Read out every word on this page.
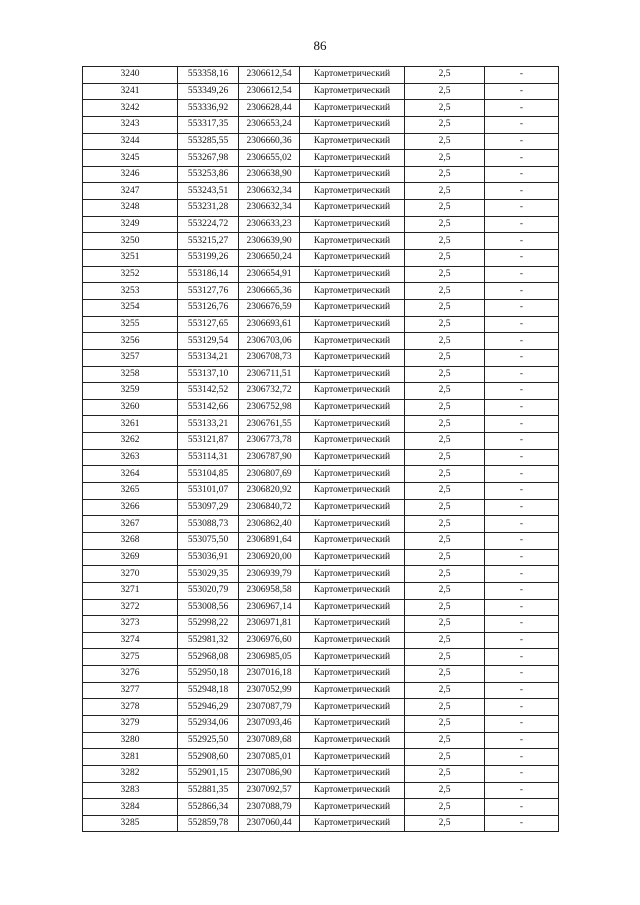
86
3240	553358,16	2306612,54	Картометрический	2,5	-
3241	553349,26	2306612,54	Картометрический	2,5	-
3242	553336,92	2306628,44	Картометрический	2,5	-
3243	553317,35	2306653,24	Картометрический	2,5	-
3244	553285,55	2306660,36	Картометрический	2,5	-
3245	553267,98	2306655,02	Картометрический	2,5	-
3246	553253,86	2306638,90	Картометрический	2,5	-
3247	553243,51	2306632,34	Картометрический	2,5	-
3248	553231,28	2306632,34	Картометрический	2,5	-
3249	553224,72	2306633,23	Картометрический	2,5	-
3250	553215,27	2306639,90	Картометрический	2,5	-
3251	553199,26	2306650,24	Картометрический	2,5	-
3252	553186,14	2306654,91	Картометрический	2,5	-
3253	553127,76	2306665,36	Картометрический	2,5	-
3254	553126,76	2306676,59	Картометрический	2,5	-
3255	553127,65	2306693,61	Картометрический	2,5	-
3256	553129,54	2306703,06	Картометрический	2,5	-
3257	553134,21	2306708,73	Картометрический	2,5	-
3258	553137,10	2306711,51	Картометрический	2,5	-
3259	553142,52	2306732,72	Картометрический	2,5	-
3260	553142,66	2306752,98	Картометрический	2,5	-
3261	553133,21	2306761,55	Картометрический	2,5	-
3262	553121,87	2306773,78	Картометрический	2,5	-
3263	553114,31	2306787,90	Картометрический	2,5	-
3264	553104,85	2306807,69	Картометрический	2,5	-
3265	553101,07	2306820,92	Картометрический	2,5	-
3266	553097,29	2306840,72	Картометрический	2,5	-
3267	553088,73	2306862,40	Картометрический	2,5	-
3268	553075,50	2306891,64	Картометрический	2,5	-
3269	553036,91	2306920,00	Картометрический	2,5	-
3270	553029,35	2306939,79	Картометрический	2,5	-
3271	553020,79	2306958,58	Картометрический	2,5	-
3272	553008,56	2306967,14	Картометрический	2,5	-
3273	552998,22	2306971,81	Картометрический	2,5	-
3274	552981,32	2306976,60	Картометрический	2,5	-
3275	552968,08	2306985,05	Картометрический	2,5	-
3276	552950,18	2307016,18	Картометрический	2,5	-
3277	552948,18	2307052,99	Картометрический	2,5	-
3278	552946,29	2307087,79	Картометрический	2,5	-
3279	552934,06	2307093,46	Картометрический	2,5	-
3280	552925,50	2307089,68	Картометрический	2,5	-
3281	552908,60	2307085,01	Картометрический	2,5	-
3282	552901,15	2307086,90	Картометрический	2,5	-
3283	552881,35	2307092,57	Картометрический	2,5	-
3284	552866,34	2307088,79	Картометрический	2,5	-
3285	552859,78	2307060,44	Картометрический	2,5	-
